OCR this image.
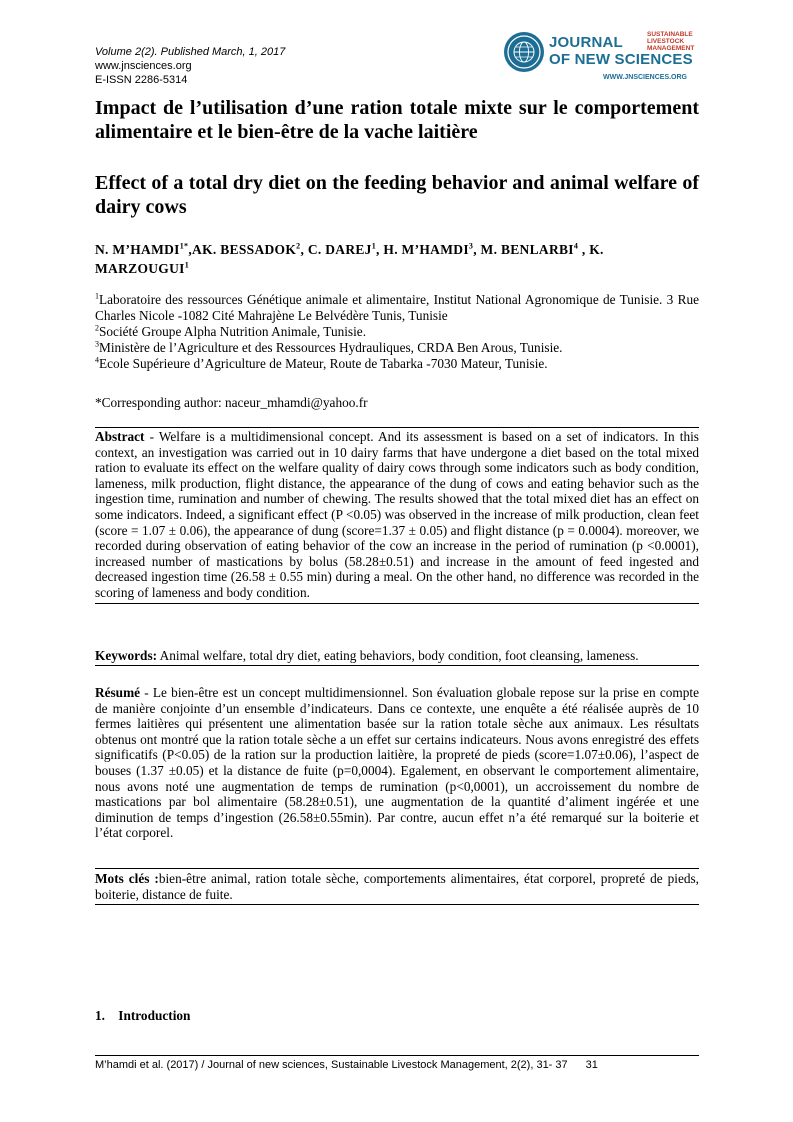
Volume 2(2). Published March, 1, 2017
www.jnsciences.org
E-ISSN 2286-5314
JOURNAL
OF NEW SCIENCES
SUSTAINABLE
LIVESTOCK
MANAGEMENT
WWW.JNSCIENCES.ORG
Impact de l’utilisation d’une ration totale mixte sur le comportement alimentaire et le bien-être de la vache laitière
Effect of a total dry diet on the feeding behavior and animal welfare of dairy cows
N. $M’HAMDI^{1*},AK$. BESSADOK$^2$, C. DAREJ$^1$, H. M’HAMDI$^3$, M. BENLARBI$^4$ , K. MARZOUGUI$^1$
$^1$Laboratoire des ressources Génétique animale et alimentaire, Institut National Agronomique de Tunisie. 3 Rue Charles Nicole -1082 Cité Mahrajène Le Belvédère Tunis, Tunisie
$^2$Société Groupe Alpha Nutrition Animale, Tunisie.
$^3$Ministère de l’Agriculture et des Ressources Hydrauliques, CRDA Ben Arous, Tunisie.
$^4$Ecole Supérieure d’Agriculture de Mateur, Route de Tabarka -7030 Mateur, Tunisie.
*Corresponding author: naceur_mhamdi@yahoo.fr
Abstract - Welfare is a multidimensional concept. And its assessment is based on a set of indicators. In this context, an investigation was carried out in 10 dairy farms that have undergone a diet based on the total mixed ration to evaluate its effect on the welfare quality of dairy cows through some indicators such as body condition, lameness, milk production, flight distance, the appearance of the dung of cows and eating behavior such as the ingestion time, rumination and number of chewing. The results showed that the total mixed diet has an effect on some indicators. Indeed, a significant effect (P <0.05) was observed in the increase of milk production, clean feet (score = 1.07 ± 0.06), the appearance of dung (score=1.37 ± 0.05) and flight distance (p = 0.0004). moreover, we recorded during observation of eating behavior of the cow an increase in the period of rumination (p <0.0001), increased number of mastications by bolus (58.28±0.51) and increase in the amount of feed ingested and decreased ingestion time (26.58 ± 0.55 min) during a meal. On the other hand, no difference was recorded in the scoring of lameness and body condition.
Keywords: Animal welfare, total dry diet, eating behaviors, body condition, foot cleansing, lameness.
Résumé - Le bien-être est un concept multidimensionnel. Son évaluation globale repose sur la prise en compte de manière conjointe d’un ensemble d’indicateurs. Dans ce contexte, une enquête a été réalisée auprès de 10 fermes laitières qui présentent une alimentation basée sur la ration totale sèche aux animaux. Les résultats obtenus ont montré que la ration totale sèche a un effet sur certains indicateurs. Nous avons enregistré des effets significatifs (P<0.05) de la ration sur la production laitière, la propreté de pieds (score=1.07±0.06), l’aspect de bouses (1.37 ±0.05) et la distance de fuite (p=0,0004). Egalement, en observant le comportement alimentaire, nous avons noté une augmentation de temps de rumination (p<0,0001), un accroissement du nombre de mastications par bol alimentaire (58.28±0.51), une augmentation de la quantité d’aliment ingérée et une diminution de temps d’ingestion (26.58±0.55min). Par contre, aucun effet n’a été remarqué sur la boiterie et l’état corporel.
Mots clés :bien-être animal, ration totale sèche, comportements alimentaires, état corporel, propreté de pieds, boiterie, distance de fuite.
1.    Introduction
M’hamdi et al. (2017) / Journal of new sciences, Sustainable Livestock Management, 2(2), 31- 37 31
